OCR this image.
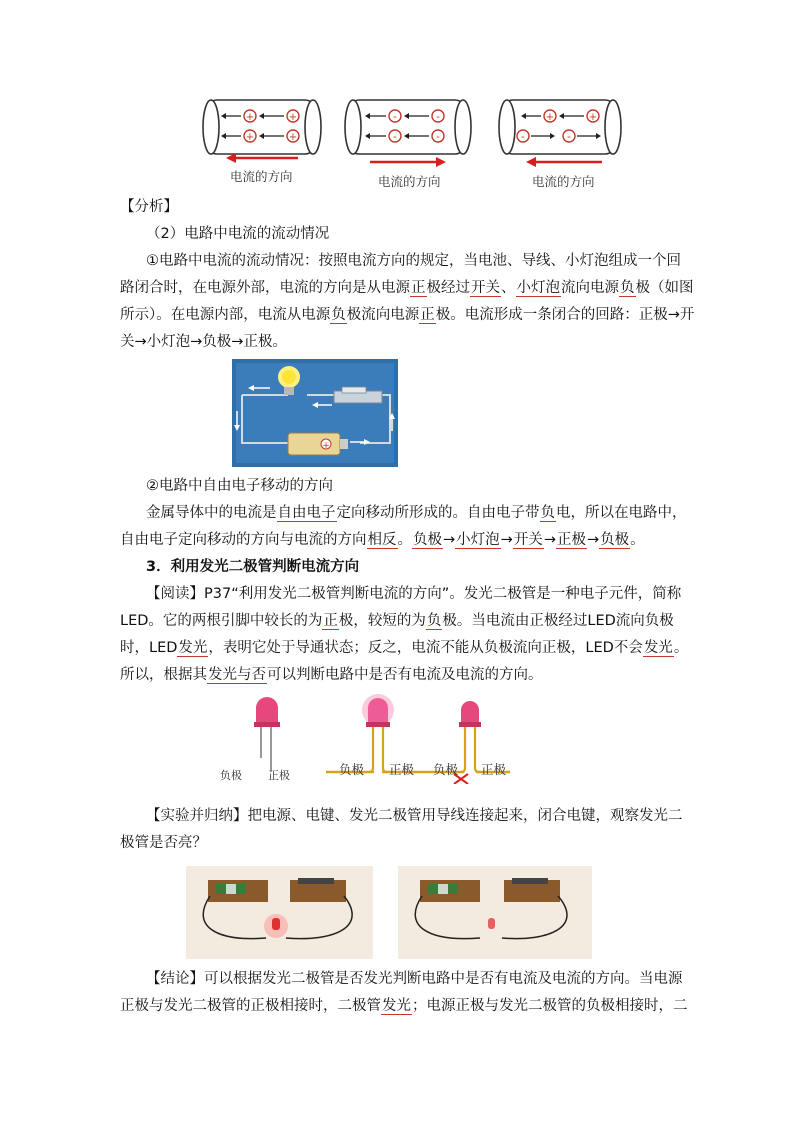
+	+
+	+
-	-
-	-
+	+
-	-
电流的方向	电流的方向	电流的方向
【分析】
（2）电路中电流的流动情况
①电路中电流的流动情况：按照电流方向的规定，当电池、导线、小灯泡组成一个回
路闭合时，在电源外部，电流的方向是从电源正极经过开关、小灯泡流向电源负极（如图
所示）。在电源内部，电流从电源负极流向电源正极。电流形成一条闭合的回路：正极→开
关→小灯泡→负极→正极。
+
②电路中自由电子移动的方向
金属导体中的电流是自由电子定向移动所形成的。自由电子带负电，所以在电路中，
自由电子定向移动的方向与电流的方向相反。负极→小灯泡→开关→正极→负极。
3．利用发光二极管判断电流方向
【阅读】P37“利用发光二极管判断电流的方向”。发光二极管是一种电子元件，简称
LED。它的两根引脚中较长的为正极，较短的为负极。当电流由正极经过LED流向负极
时，LED发光，表明它处于导通状态；反之，电流不能从负极流向正极，LED不会发光。
所以，根据其发光与否可以判断电路中是否有电流及电流的方向。
负极 正极	负极 正极 负极 正极
【实验并归纳】把电源、电键、发光二极管用导线连接起来，闭合电键，观察发光二
极管是否亮？
【结论】可以根据发光二极管是否发光判断电路中是否有电流及电流的方向。当电源
正极与发光二极管的正极相接时，二极管发光；电源正极与发光二极管的负极相接时，二
